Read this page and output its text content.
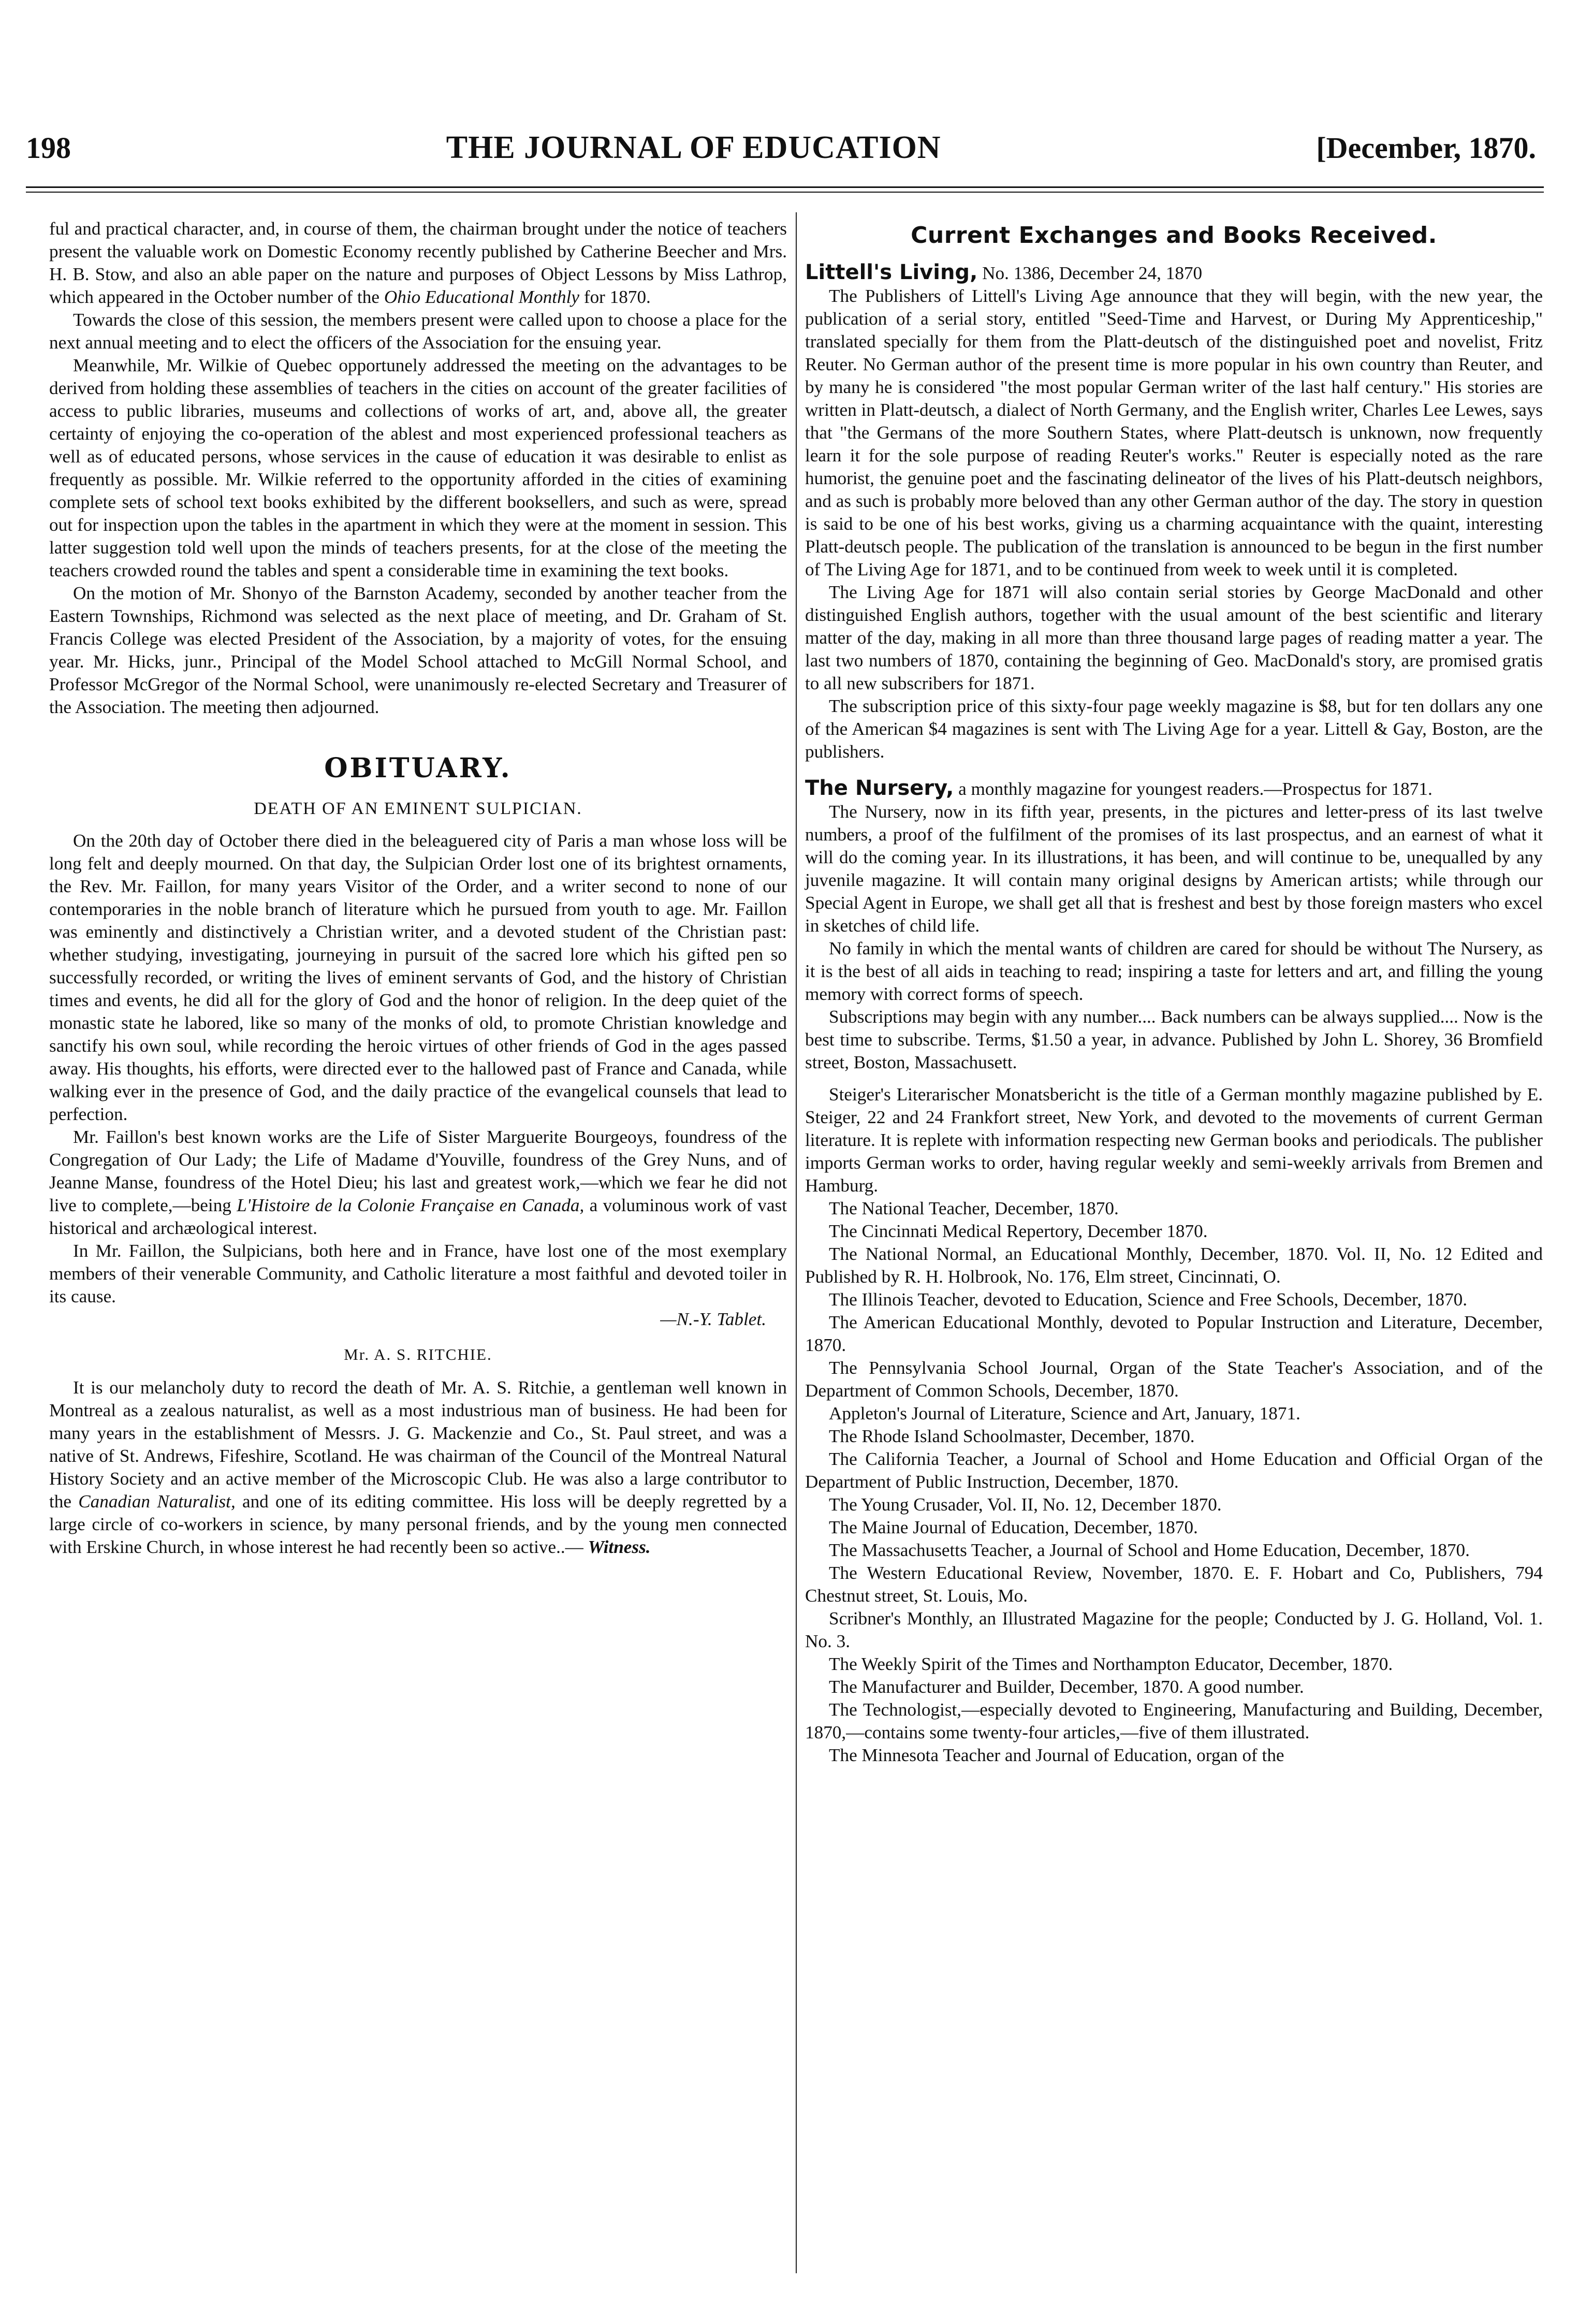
198	THE JOURNAL OF EDUCATION	[December, 1870.

ful and practical character, and, in course of them, the chairman brought under the notice of teachers present the valuable work on Domestic Economy recently published by Catherine Beecher and Mrs. H. B. Stow, and also an able paper on the nature and purposes of Object Lessons by Miss Lathrop, which appeared in the October number of the Ohio Educational Monthly for 1870.

Towards the close of this session, the members present were called upon to choose a place for the next annual meeting and to elect the officers of the Association for the ensuing year.

Meanwhile, Mr. Wilkie of Quebec opportunely addressed the meeting on the advantages to be derived from holding these assemblies of teachers in the cities on account of the greater facilities of access to public libraries, museums and collections of works of art, and, above all, the greater certainty of enjoying the co-operation of the ablest and most experienced professional teachers as well as of educated persons, whose services in the cause of education it was desirable to enlist as frequently as possible. Mr. Wilkie referred to the opportunity afforded in the cities of examining complete sets of school text books exhibited by the different booksellers, and such as were, spread out for inspection upon the tables in the apartment in which they were at the moment in session. This latter suggestion told well upon the minds of teachers presents, for at the close of the meeting the teachers crowded round the tables and spent a considerable time in examining the text books.

On the motion of Mr. Shonyo of the Barnston Academy, seconded by another teacher from the Eastern Townships, Richmond was selected as the next place of meeting, and Dr. Graham of St. Francis College was elected President of the Association, by a majority of votes, for the ensuing year. Mr. Hicks, junr., Principal of the Model School attached to McGill Normal School, and Professor McGregor of the Normal School, were unanimously re-elected Secretary and Treasurer of the Association. The meeting then adjourned.

OBITUARY.
DEATH OF AN EMINENT SULPICIAN.

On the 20th day of October there died in the beleaguered city of Paris a man whose loss will be long felt and deeply mourned. On that day, the Sulpician Order lost one of its brightest ornaments, the Rev. Mr. Faillon, for many years Visitor of the Order, and a writer second to none of our contemporaries in the noble branch of literature which he pursued from youth to age. Mr. Faillon was eminently and distinctively a Christian writer, and a devoted student of the Christian past: whether studying, investigating, journeying in pursuit of the sacred lore which his gifted pen so successfully recorded, or writing the lives of eminent servants of God, and the history of Christian times and events, he did all for the glory of God and the honor of religion. In the deep quiet of the monastic state he labored, like so many of the monks of old, to promote Christian knowledge and sanctify his own soul, while recording the heroic virtues of other friends of God in the ages passed away. His thoughts, his efforts, were directed ever to the hallowed past of France and Canada, while walking ever in the presence of God, and the daily practice of the evangelical counsels that lead to perfection.

Mr. Faillon's best known works are the Life of Sister Marguerite Bourgeoys, foundress of the Congregation of Our Lady; the Life of Madame d'Youville, foundress of the Grey Nuns, and of Jeanne Manse, foundress of the Hotel Dieu; his last and greatest work,—which we fear he did not live to complete,—being L'Histoire de la Colonie Française en Canada, a voluminous work of vast historical and archæological interest.

In Mr. Faillon, the Sulpicians, both here and in France, have lost one of the most exemplary members of their venerable Community, and Catholic literature a most faithful and devoted toiler in its cause.

—N.-Y. Tablet.
Mr. A. S. RITCHIE.

It is our melancholy duty to record the death of Mr. A. S. Ritchie, a gentleman well known in Montreal as a zealous naturalist, as well as a most industrious man of business. He had been for many years in the establishment of Messrs. J. G. Mackenzie and Co., St. Paul street, and was a native of St. Andrews, Fifeshire, Scotland. He was chairman of the Council of the Montreal Natural History Society and an active member of the Microscopic Club. He was also a large contributor to the Canadian Naturalist, and one of its editing committee. His loss will be deeply regretted by a large circle of co-workers in science, by many personal friends, and by the young men connected with Erskine Church, in whose interest he had recently been so active..— Witness.

Current Exchanges and Books Received.

Littell's Living, No. 1386, December 24, 1870

The Publishers of Littell's Living Age announce that they will begin, with the new year, the publication of a serial story, entitled "Seed-Time and Harvest, or During My Apprenticeship," translated specially for them from the Platt-deutsch of the distinguished poet and novelist, Fritz Reuter. No German author of the present time is more popular in his own country than Reuter, and by many he is considered "the most popular German writer of the last half century." His stories are written in Platt-deutsch, a dialect of North Germany, and the English writer, Charles Lee Lewes, says that "the Germans of the more Southern States, where Platt-deutsch is unknown, now frequently learn it for the sole purpose of reading Reuter's works." Reuter is especially noted as the rare humorist, the genuine poet and the fascinating delineator of the lives of his Platt-deutsch neighbors, and as such is probably more beloved than any other German author of the day. The story in question is said to be one of his best works, giving us a charming acquaintance with the quaint, interesting Platt-deutsch people. The publication of the translation is announced to be begun in the first number of The Living Age for 1871, and to be continued from week to week until it is completed.

The Living Age for 1871 will also contain serial stories by George MacDonald and other distinguished English authors, together with the usual amount of the best scientific and literary matter of the day, making in all more than three thousand large pages of reading matter a year. The last two numbers of 1870, containing the beginning of Geo. MacDonald's story, are promised gratis to all new subscribers for 1871.

The subscription price of this sixty-four page weekly magazine is $8, but for ten dollars any one of the American $4 magazines is sent with The Living Age for a year. Littell & Gay, Boston, are the publishers.

The Nursery, a monthly magazine for youngest readers.—Prospectus for 1871.

The Nursery, now in its fifth year, presents, in the pictures and letter-press of its last twelve numbers, a proof of the fulfilment of the promises of its last prospectus, and an earnest of what it will do the coming year. In its illustrations, it has been, and will continue to be, unequalled by any juvenile magazine. It will contain many original designs by American artists; while through our Special Agent in Europe, we shall get all that is freshest and best by those foreign masters who excel in sketches of child life.

No family in which the mental wants of children are cared for should be without The Nursery, as it is the best of all aids in teaching to read; inspiring a taste for letters and art, and filling the young memory with correct forms of speech.

Subscriptions may begin with any number.... Back numbers can be always supplied.... Now is the best time to subscribe. Terms, $1.50 a year, in advance. Published by John L. Shorey, 36 Bromfield street, Boston, Massachusett.

Steiger's Literarischer Monatsbericht is the title of a German monthly magazine published by E. Steiger, 22 and 24 Frankfort street, New York, and devoted to the movements of current German literature. It is replete with information respecting new German books and periodicals. The publisher imports German works to order, having regular weekly and semi-weekly arrivals from Bremen and Hamburg.

The National Teacher, December, 1870.

The Cincinnati Medical Repertory, December 1870.

The National Normal, an Educational Monthly, December, 1870. Vol. II, No. 12 Edited and Published by R. H. Holbrook, No. 176, Elm street, Cincinnati, O.

The Illinois Teacher, devoted to Education, Science and Free Schools, December, 1870.

The American Educational Monthly, devoted to Popular Instruction and Literature, December, 1870.

The Pennsylvania School Journal, Organ of the State Teacher's Association, and of the Department of Common Schools, December, 1870.

Appleton's Journal of Literature, Science and Art, January, 1871.

The Rhode Island Schoolmaster, December, 1870.

The California Teacher, a Journal of School and Home Education and Official Organ of the Department of Public Instruction, December, 1870.

The Young Crusader, Vol. II, No. 12, December 1870.

The Maine Journal of Education, December, 1870.

The Massachusetts Teacher, a Journal of School and Home Education, December, 1870.

The Western Educational Review, November, 1870. E. F. Hobart and Co, Publishers, 794 Chestnut street, St. Louis, Mo.

Scribner's Monthly, an Illustrated Magazine for the people; Conducted by J. G. Holland, Vol. 1. No. 3.

The Weekly Spirit of the Times and Northampton Educator, December, 1870.

The Manufacturer and Builder, December, 1870. A good number.

The Technologist,—especially devoted to Engineering, Manufacturing and Building, December, 1870,—contains some twenty-four articles,—five of them illustrated.

The Minnesota Teacher and Journal of Education, organ of the
